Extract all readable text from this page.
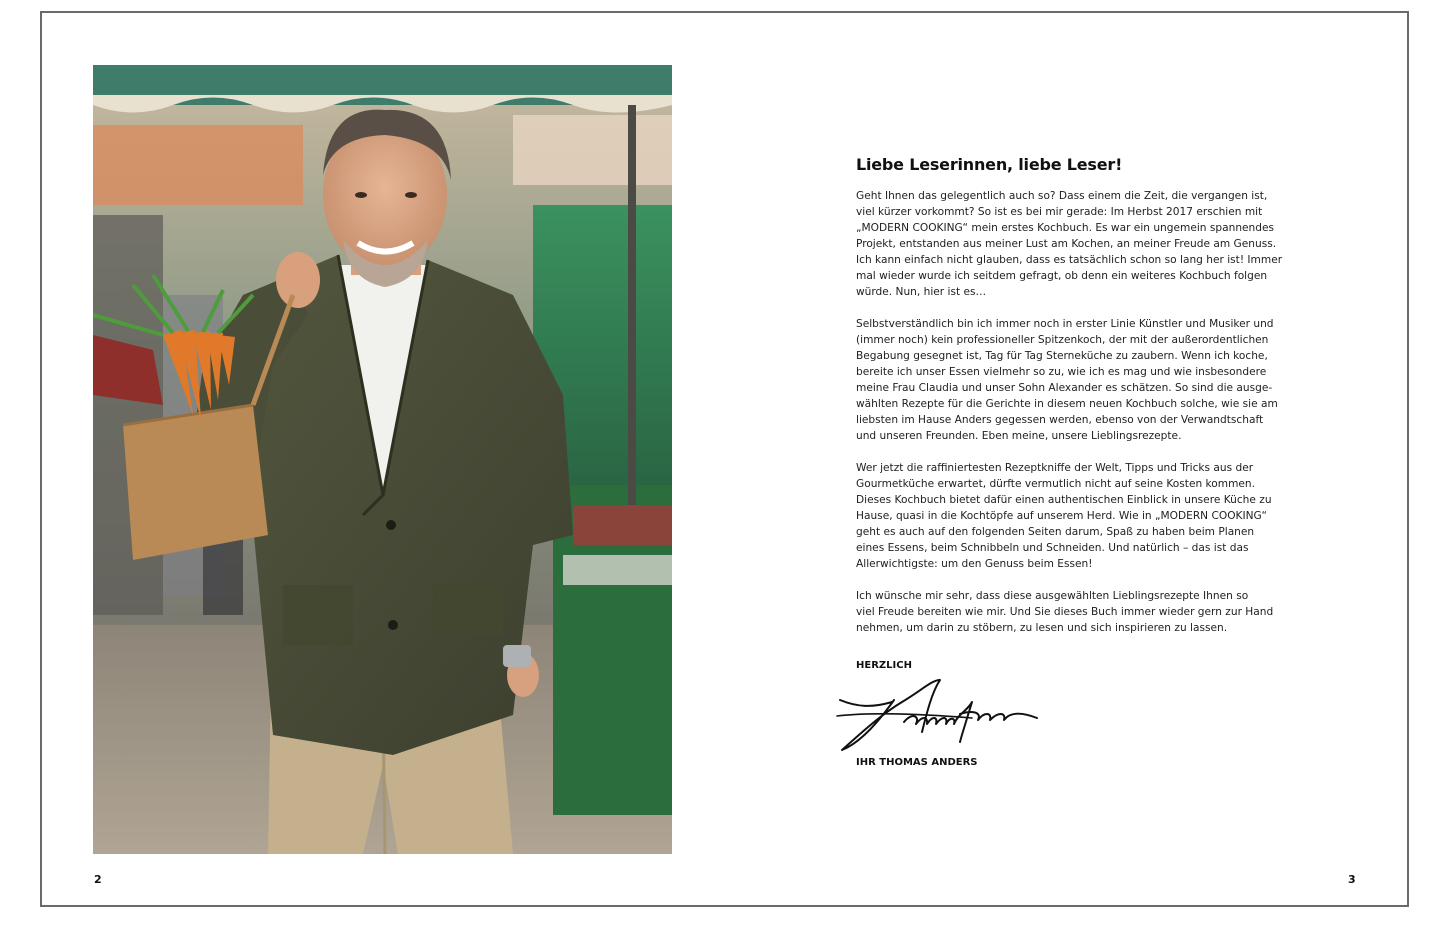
Liebe Leserinnen, liebe Leser!

Geht Ihnen das gelegentlich auch so? Dass einem die Zeit, die vergangen ist,
viel kürzer vorkommt? So ist es bei mir gerade: Im Herbst 2017 erschien mit
„MODERN COOKING“ mein erstes Kochbuch. Es war ein ungemein spannendes
Projekt, entstanden aus meiner Lust am Kochen, an meiner Freude am Genuss.
Ich kann einfach nicht glauben, dass es tatsächlich schon so lang her ist! Immer
mal wieder wurde ich seitdem gefragt, ob denn ein weiteres Kochbuch folgen
würde. Nun, hier ist es…

Selbstverständlich bin ich immer noch in erster Linie Künstler und Musiker und
(immer noch) kein professioneller Spitzenkoch, der mit der außerordentlichen
Begabung gesegnet ist, Tag für Tag Sterneküche zu zaubern. Wenn ich koche,
bereite ich unser Essen vielmehr so zu, wie ich es mag und wie insbesondere
meine Frau Claudia und unser Sohn Alexander es schätzen. So sind die ausge-
wählten Rezepte für die Gerichte in diesem neuen Kochbuch solche, wie sie am
liebsten im Hause Anders gegessen werden, ebenso von der Verwandtschaft
und unseren Freunden. Eben meine, unsere Lieblingsrezepte.

Wer jetzt die raffiniertesten Rezeptkniffe der Welt, Tipps und Tricks aus der
Gourmetküche erwartet, dürfte vermutlich nicht auf seine Kosten kommen.
Dieses Kochbuch bietet dafür einen authentischen Einblick in unsere Küche zu
Hause, quasi in die Kochtöpfe auf unserem Herd. Wie in „MODERN COOKING“
geht es auch auf den folgenden Seiten darum, Spaß zu haben beim Planen
eines Essens, beim Schnibbeln und Schneiden. Und natürlich – das ist das
Allerwichtigste: um den Genuss beim Essen!

Ich wünsche mir sehr, dass diese ausgewählten Lieblingsrezepte Ihnen so
viel Freude bereiten wie mir. Und Sie dieses Buch immer wieder gern zur Hand
nehmen, um darin zu stöbern, zu lesen und sich inspirieren zu lassen.

HERZLICH
IHR THOMAS ANDERS
2	3
